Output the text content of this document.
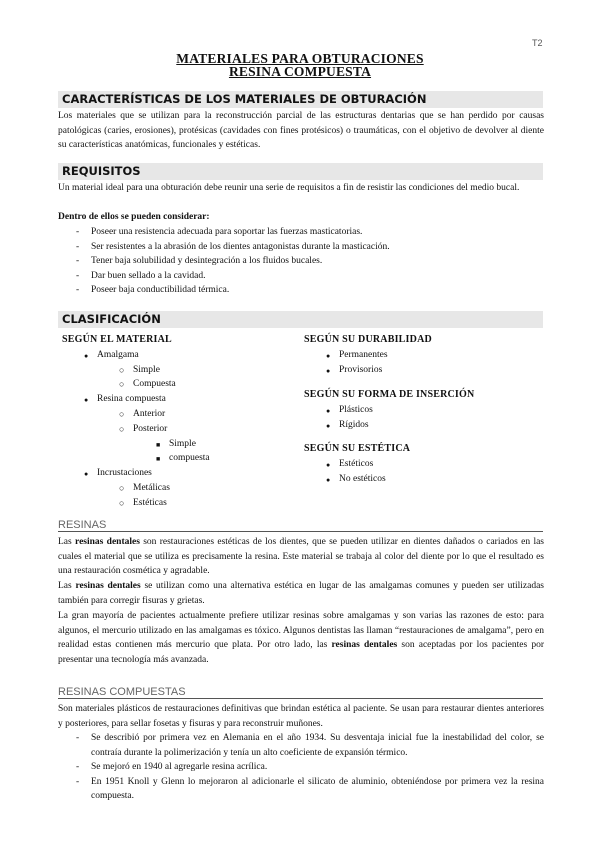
T2
MATERIALES PARA OBTURACIONES
RESINA COMPUESTA
CARACTERÍSTICAS DE LOS MATERIALES DE OBTURACIÓN
Los materiales que se utilizan para la reconstrucción parcial de las estructuras dentarias que se han perdido por causas patológicas (caries, erosiones), protésicas (cavidades con fines protésicos) o traumáticas, con el objetivo de devolver al diente su características anatómicas, funcionales y estéticas.
REQUISITOS
Un material ideal para una obturación debe reunir una serie de requisitos a fin de resistir las condiciones del medio bucal.
Dentro de ellos se pueden considerar:
- Poseer una resistencia adecuada para soportar las fuerzas masticatorias.
- Ser resistentes a la abrasión de los dientes antagonistas durante la masticación.
- Tener baja solubilidad y desintegración a los fluidos bucales.
- Dar buen sellado a la cavidad.
- Poseer baja conductibilidad térmica.
CLASIFICACIÓN
SEGÚN EL MATERIAL
● Amalgama
○ Simple
○ Compuesta
● Resina compuesta
○ Anterior
○ Posterior
■ Simple
■ compuesta
● Incrustaciones
○ Metálicas
○ Estéticas
SEGÚN SU DURABILIDAD
● Permanentes
● Provisorios
SEGÚN SU FORMA DE INSERCIÓN
● Plásticos
● Rígidos
SEGÚN SU ESTÉTICA
● Estéticos
● No estéticos
RESINAS
Las resinas dentales son restauraciones estéticas de los dientes, que se pueden utilizar en dientes dañados o cariados en las cuales el material que se utiliza es precisamente la resina. Este material se trabaja al color del diente por lo que el resultado es una restauración cosmética y agradable.
Las resinas dentales se utilizan como una alternativa estética en lugar de las amalgamas comunes y pueden ser utilizadas también para corregir fisuras y grietas.
La gran mayoría de pacientes actualmente prefiere utilizar resinas sobre amalgamas y son varias las razones de esto: para algunos, el mercurio utilizado en las amalgamas es tóxico. Algunos dentistas las llaman “restauraciones de amalgama”, pero en realidad estas contienen más mercurio que plata. Por otro lado, las resinas dentales son aceptadas por los pacientes por presentar una tecnología más avanzada.
RESINAS COMPUESTAS
Son materiales plásticos de restauraciones definitivas que brindan estética al paciente. Se usan para restaurar dientes anteriores y posteriores, para sellar fosetas y fisuras y para reconstruir muñones.
- Se describió por primera vez en Alemania en el año 1934. Su desventaja inicial fue la inestabilidad del color, se contraía durante la polimerización y tenía un alto coeficiente de expansión térmico.
- Se mejoró en 1940 al agregarle resina acrílica.
- En 1951 Knoll y Glenn lo mejoraron al adicionarle el silicato de aluminio, obteniéndose por primera vez la resina compuesta.
